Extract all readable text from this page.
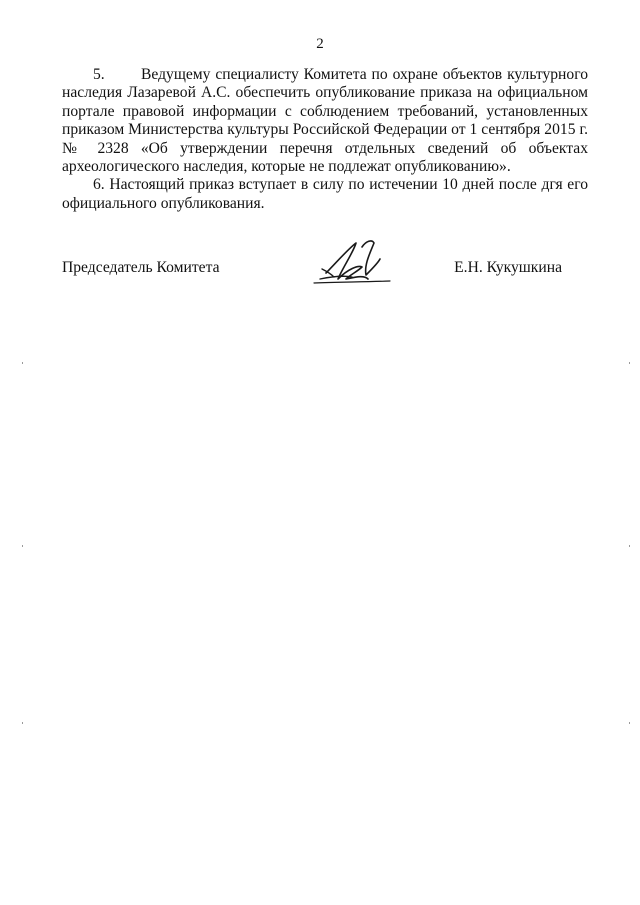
2

5. Ведущему специалисту Комитета по охране объектов культурного наследия Лазаревой А.С. обеспечить опубликование приказа на официальном портале правовой информации с соблюдением требований, установленных приказом Министерства культуры Российской Федерации от 1 сентября 2015 г. № 2328 «Об утверждении перечня отдельных сведений об объектах археологического наследия, которые не подлежат опубликованию».

6. Настоящий приказ вступает в силу по истечении 10 дней после дгя его официального опубликования.

Председатель Комитета	Е.Н. Кукушкина
